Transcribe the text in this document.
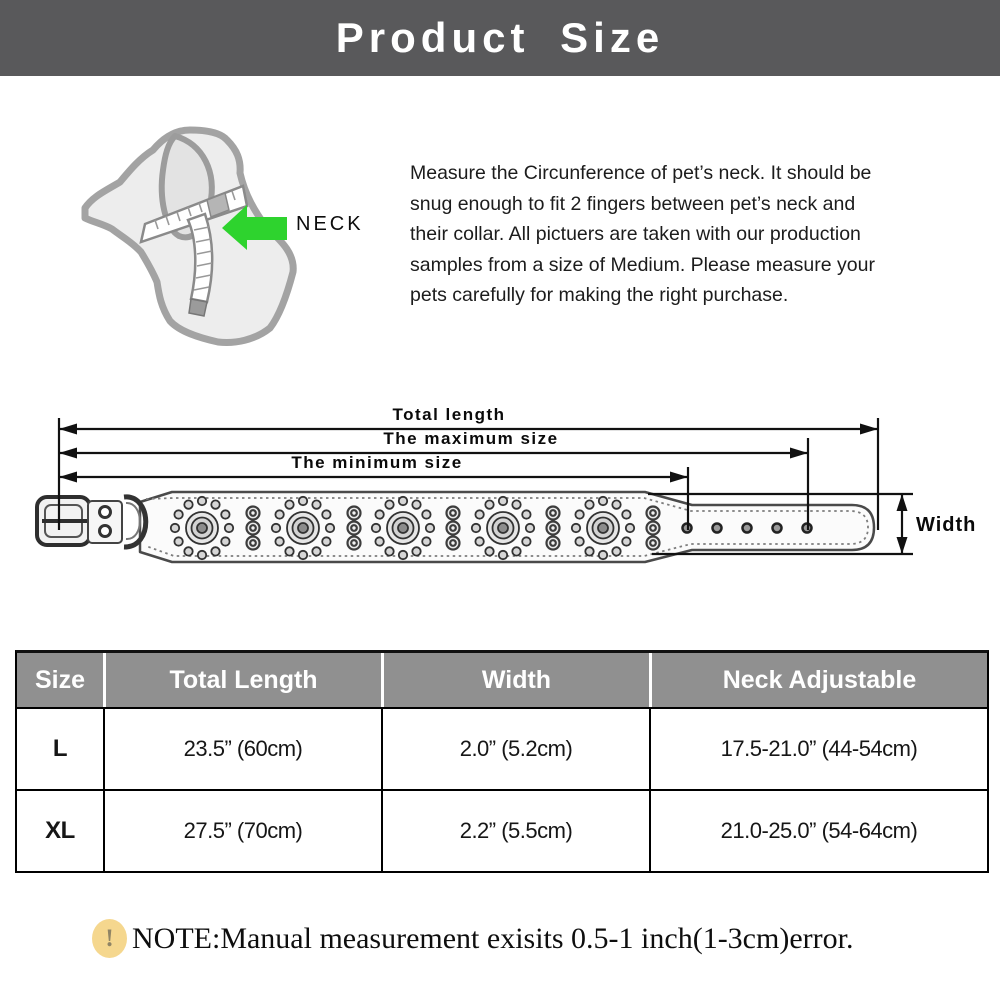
Product Size
NECK
Measure the Circunference of pet’s neck. It should be
snug enough to fit 2 fingers between pet’s neck and
their collar. All pictuers are taken with our production
samples from a size of Medium. Please measure your
pets carefully for making the right purchase.
Total length
The maximum size
The minimum size
Width
Size	Total Length	Width	Neck Adjustable
L	23.5” (60cm)	2.0” (5.2cm)	17.5-21.0” (44-54cm)
XL	27.5” (70cm)	2.2” (5.5cm)	21.0-25.0” (54-64cm)
! NOTE:Manual measurement exisits 0.5-1 inch(1-3cm)error.
